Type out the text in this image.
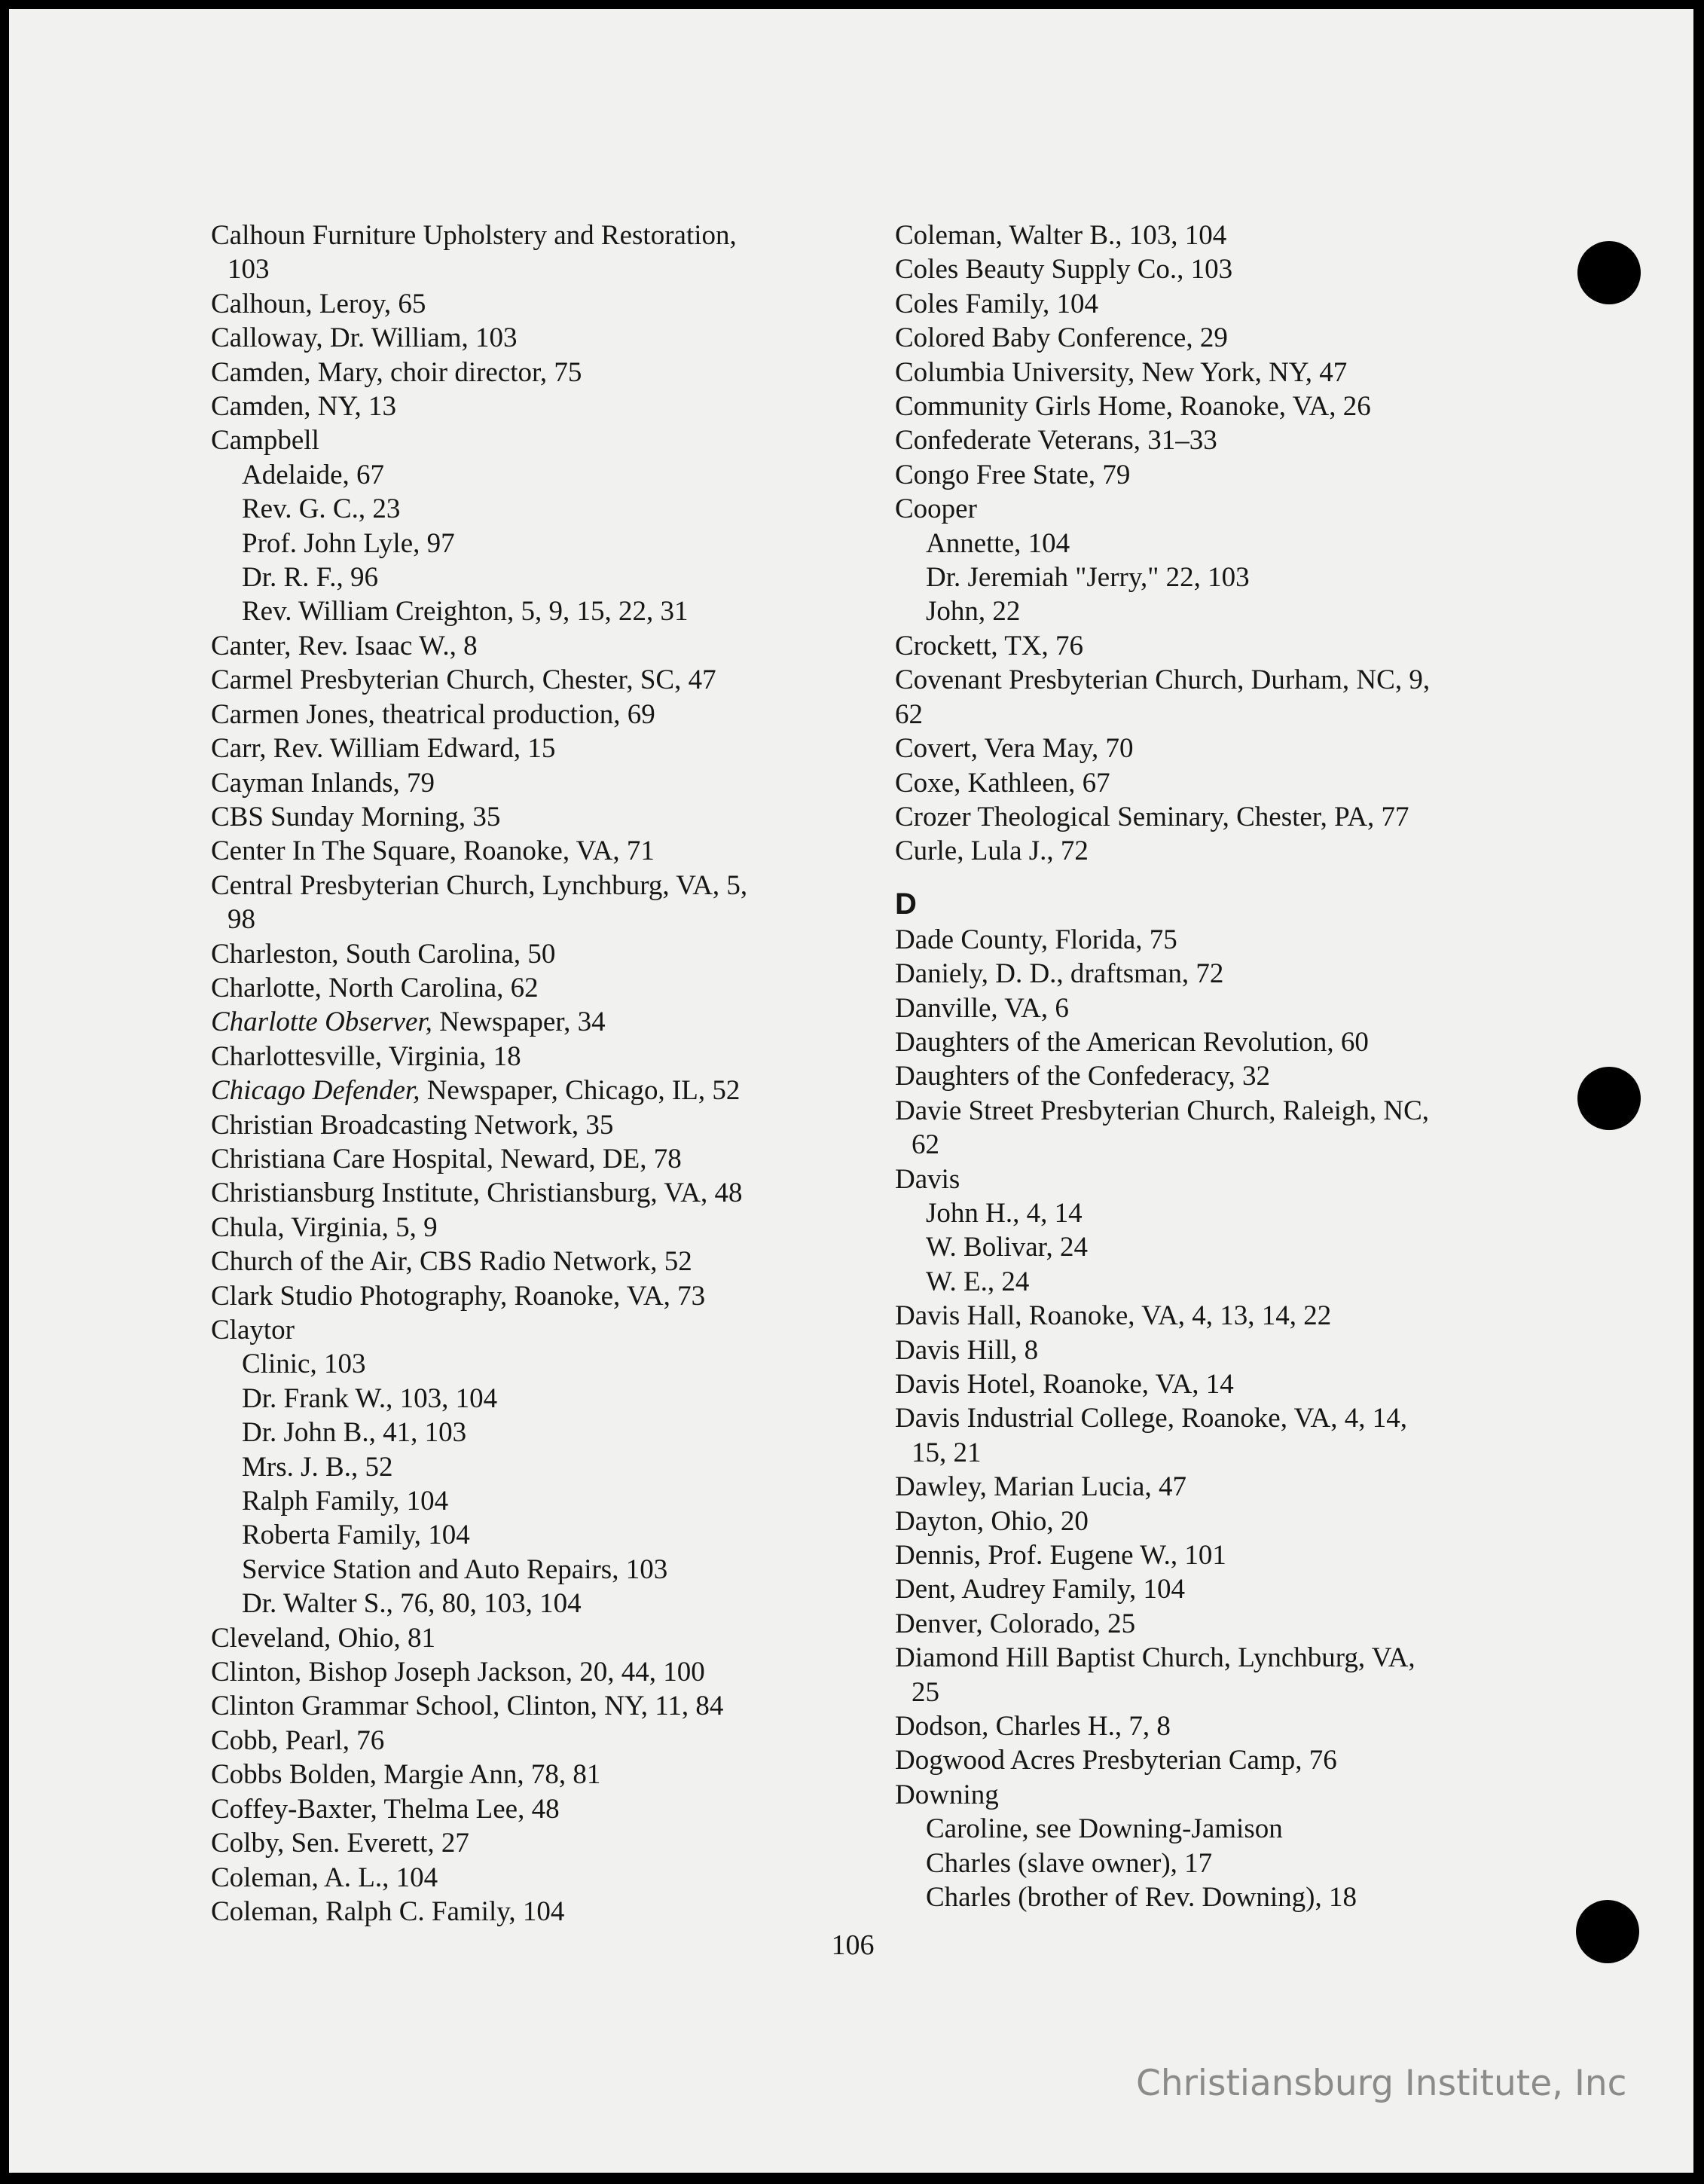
Calhoun Furniture Upholstery and Restoration,
103
Calhoun, Leroy, 65
Calloway, Dr. William, 103
Camden, Mary, choir director, 75
Camden, NY, 13
Campbell
Adelaide, 67
Rev. G. C., 23
Prof. John Lyle, 97
Dr. R. F., 96
Rev. William Creighton, 5, 9, 15, 22, 31
Canter, Rev. Isaac W., 8
Carmel Presbyterian Church, Chester, SC, 47
Carmen Jones, theatrical production, 69
Carr, Rev. William Edward, 15
Cayman Inlands, 79
CBS Sunday Morning, 35
Center In The Square, Roanoke, VA, 71
Central Presbyterian Church, Lynchburg, VA, 5,
98
Charleston, South Carolina, 50
Charlotte, North Carolina, 62
Charlotte Observer, Newspaper, 34
Charlottesville, Virginia, 18
Chicago Defender, Newspaper, Chicago, IL, 52
Christian Broadcasting Network, 35
Christiana Care Hospital, Neward, DE, 78
Christiansburg Institute, Christiansburg, VA, 48
Chula, Virginia, 5, 9
Church of the Air, CBS Radio Network, 52
Clark Studio Photography, Roanoke, VA, 73
Claytor
Clinic, 103
Dr. Frank W., 103, 104
Dr. John B., 41, 103
Mrs. J. B., 52
Ralph Family, 104
Roberta Family, 104
Service Station and Auto Repairs, 103
Dr. Walter S., 76, 80, 103, 104
Cleveland, Ohio, 81
Clinton, Bishop Joseph Jackson, 20, 44, 100
Clinton Grammar School, Clinton, NY, 11, 84
Cobb, Pearl, 76
Cobbs Bolden, Margie Ann, 78, 81
Coffey-Baxter, Thelma Lee, 48
Colby, Sen. Everett, 27
Coleman, A. L., 104
Coleman, Ralph C. Family, 104
Coleman, Walter B., 103, 104
Coles Beauty Supply Co., 103
Coles Family, 104
Colored Baby Conference, 29
Columbia University, New York, NY, 47
Community Girls Home, Roanoke, VA, 26
Confederate Veterans, 31–33
Congo Free State, 79
Cooper
Annette, 104
Dr. Jeremiah "Jerry," 22, 103
John, 22
Crockett, TX, 76
Covenant Presbyterian Church, Durham, NC, 9,
62
Covert, Vera May, 70
Coxe, Kathleen, 67
Crozer Theological Seminary, Chester, PA, 77
Curle, Lula J., 72
D
Dade County, Florida, 75
Daniely, D. D., draftsman, 72
Danville, VA, 6
Daughters of the American Revolution, 60
Daughters of the Confederacy, 32
Davie Street Presbyterian Church, Raleigh, NC,
62
Davis
John H., 4, 14
W. Bolivar, 24
W. E., 24
Davis Hall, Roanoke, VA, 4, 13, 14, 22
Davis Hill, 8
Davis Hotel, Roanoke, VA, 14
Davis Industrial College, Roanoke, VA, 4, 14,
15, 21
Dawley, Marian Lucia, 47
Dayton, Ohio, 20
Dennis, Prof. Eugene W., 101
Dent, Audrey Family, 104
Denver, Colorado, 25
Diamond Hill Baptist Church, Lynchburg, VA,
25
Dodson, Charles H., 7, 8
Dogwood Acres Presbyterian Camp, 76
Downing
Caroline, see Downing-Jamison
Charles (slave owner), 17
Charles (brother of Rev. Downing), 18
106
Christiansburg Institute, Inc
